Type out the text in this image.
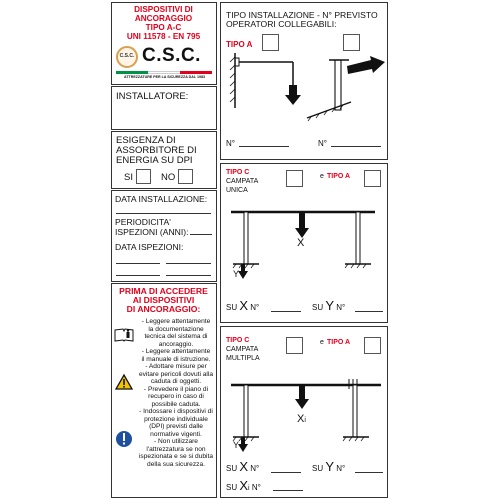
DISPOSITIVI DI
ANCORAGGIO
TIPO A-C
UNI 11578 - EN 795
C.S.C. C.S.C.
ATTREZZATURE PER LA SICUREZZA DAL 1983
INSTALLATORE:
ESIGENZA DI
ASSORBITORE DI
ENERGIA SU DPI
SI	NO
DATA INSTALLAZIONE:
PERIODICITA'
ISPEZIONI (ANNI):
DATA ISPEZIONI:
PRIMA DI ACCEDERE
AI DISPOSITIVI
DI ANCORAGGIO:
- Leggere attentamente
la documentazione
tecnica del sistema di
ancoraggio.
- Leggere attentamente
il manuale di istruzione.
- Adottare misure per
evitare pericoli dovuti alla
caduta di oggetti.
- Prevedere il piano di
recupero in caso di
possibile caduta.
- Indossare i dispositivi di
protezione individuale
(DPI) previsti dalle
normative vigenti.
- Non utilizzare
l'attrezzatura se non
ispezionata e se si dubita
della sua sicurezza.
TIPO INSTALLAZIONE - N° PREVISTO
OPERATORI COLLEGABILI:
TIPO A
N°	N°
TIPO C
CAMPATA
UNICA
e TIPO A
X
Y
SU X N°	SU Y N°
TIPO C
CAMPATA
MULTIPLA
e TIPO A
Xi
Y
SU X N°	SU Y N°
SU Xi N°
